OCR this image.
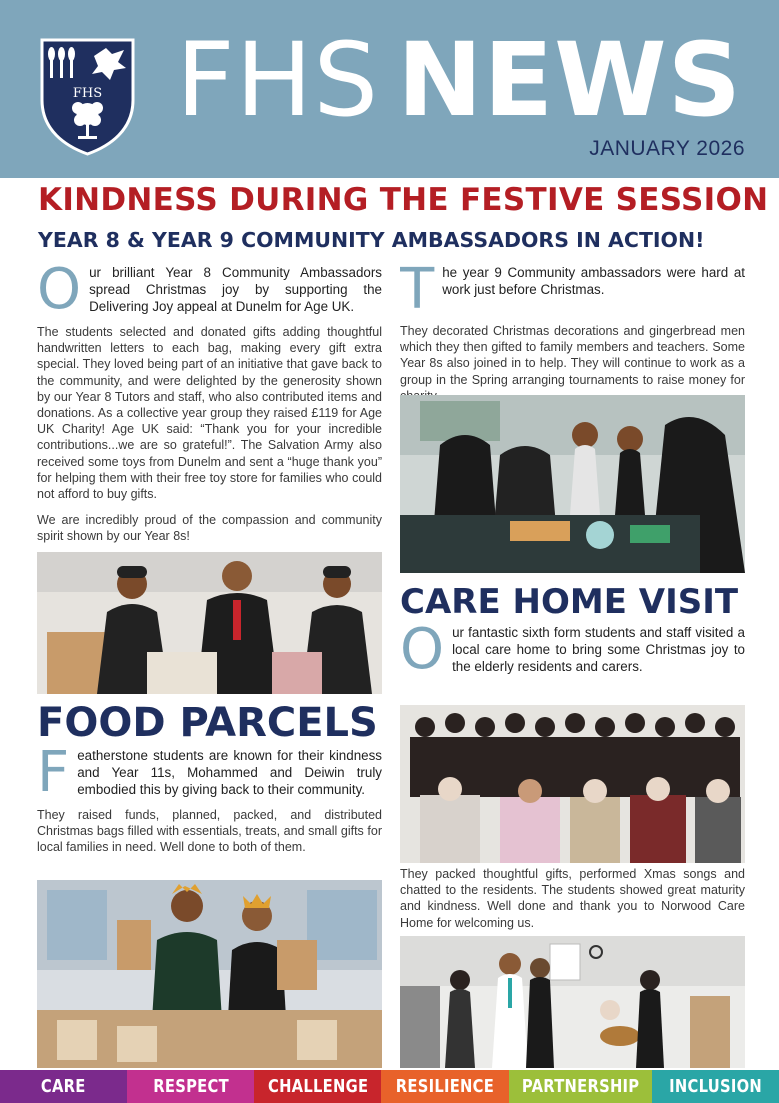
FHS FHS NEWS
JANUARY 2026
KINDNESS DURING THE FESTIVE SESSION
YEAR 8 & YEAR 9 COMMUNITY AMBASSADORS IN ACTION!

Our brilliant Year 8 Community Ambassadors spread Christmas joy by supporting the Delivering Joy appeal at Dunelm for Age UK.

The students selected and donated gifts adding thoughtful handwritten letters to each bag, making every gift extra special. They loved being part of an initiative that gave back to the community, and were delighted by the generosity shown by our Year 8 Tutors and staff, who also contributed items and donations. As a collective year group they raised £119 for Age UK Charity! Age UK said: “Thank you for your incredible contributions...we are so grateful!”. The Salvation Army also received some toys from Dunelm and sent a “huge thank you” for helping them with their free toy store for families who could not afford to buy gifts.

We are incredibly proud of the compassion and community spirit shown by our Year 8s!

FOOD PARCELS

Featherstone students are known for their kindness and Year 11s, Mohammed and Deiwin truly embodied this by giving back to their community.

They raised funds, planned, packed, and distributed Christmas bags filled with essentials, treats, and small gifts for local families in need. Well done to both of them.

The year 9 Community ambassadors were hard at work just before Christmas.

They decorated Christmas decorations and gingerbread men which they then gifted to family members and teachers. Some Year 8s also joined in to help. They will continue to work as a group in the Spring arranging tournaments to raise money for

CARE HOME VISIT

Our fantastic sixth form students and staff visited a local care home to bring some Christmas joy to the elderly residents and carers.

They packed thoughtful gifts, performed Xmas songs and chatted to the residents. The students showed great maturity and kindness. Well done and thank you to Norwood Care Home for welcoming us.

CARE	RESPECT CHALLENGE RESILIENCE PARTNERSHIP INCLUSION
